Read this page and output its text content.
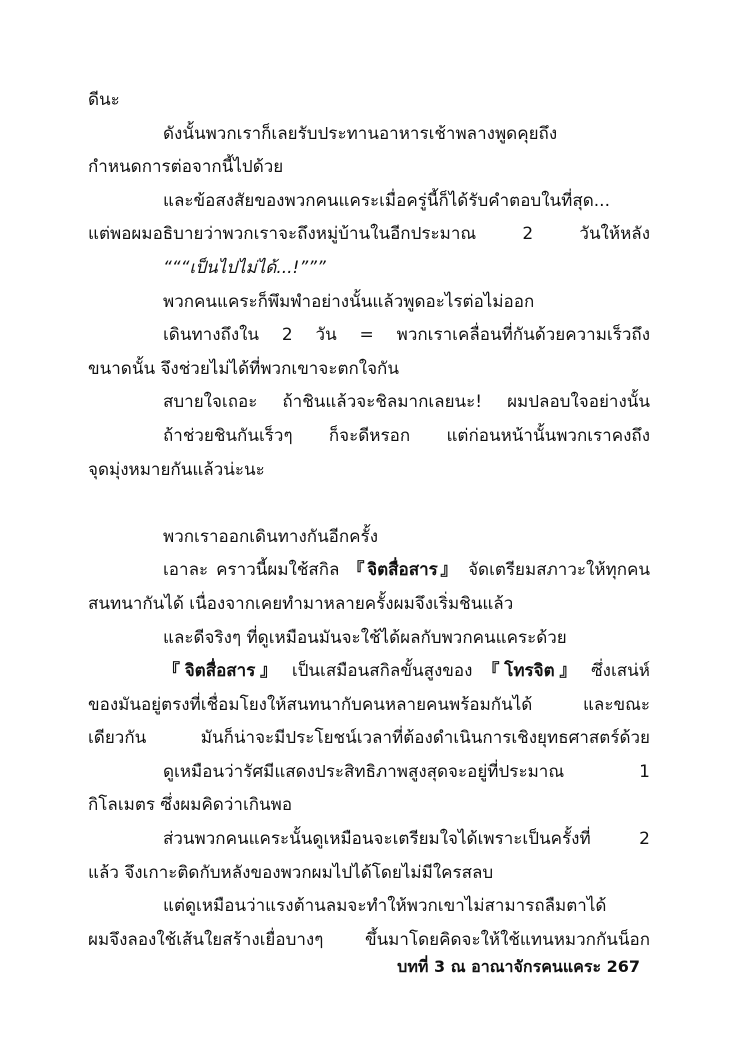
ดีนะ

ดังนั้นพวกเราก็เลยรับประทานอาหารเช้าพลางพูดคุยถึง

กำหนดการต่อจากนี้ไปด้วย

และข้อสงสัยของพวกคนแคระเมื่อครู่นี้ก็ได้รับคำตอบในที่สุด...

แต่พอผมอธิบายว่าพวกเราจะถึงหมู่บ้านในอีกประมาณ 2 วันให้หลัง

“““เป็นไปไม่ได้...!”””

พวกคนแคระก็พึมพำอย่างนั้นแล้วพูดอะไรต่อไม่ออก

เดินทางถึงใน 2 วัน = พวกเราเคลื่อนที่กันด้วยความเร็วถึง

ขนาดนั้น จึงช่วยไม่ได้ที่พวกเขาจะตกใจกัน

สบายใจเถอะ ถ้าชินแล้วจะชิลมากเลยนะ! ผมปลอบใจอย่างนั้น

ถ้าช่วยชินกันเร็วๆ ก็จะดีหรอก แต่ก่อนหน้านั้นพวกเราคงถึง

จุดมุ่งหมายกันแล้วน่ะนะ

พวกเราออกเดินทางกันอีกครั้ง

เอาละ คราวนี้ผมใช้สกิล 『จิตสื่อสาร』 จัดเตรียมสภาวะให้ทุกคน

สนทนากันได้ เนื่องจากเคยทำมาหลายครั้งผมจึงเริ่มชินแล้ว

และดีจริงๆ ที่ดูเหมือนมันจะใช้ได้ผลกับพวกคนแคระด้วย

『จิตสื่อสาร』 เป็นเสมือนสกิลขั้นสูงของ 『โทรจิต』 ซึ่งเสน่ห์

ของมันอยู่ตรงที่เชื่อมโยงให้สนทนากับคนหลายคนพร้อมกันได้ และขณะ

เดียวกัน มันก็น่าจะมีประโยชน์เวลาที่ต้องดำเนินการเชิงยุทธศาสตร์ด้วย

ดูเหมือนว่ารัศมีแสดงประสิทธิภาพสูงสุดจะอยู่ที่ประมาณ 1

กิโลเมตร ซึ่งผมคิดว่าเกินพอ

ส่วนพวกคนแคระนั้นดูเหมือนจะเตรียมใจได้เพราะเป็นครั้งที่ 2

แล้ว จึงเกาะติดกับหลังของพวกผมไปได้โดยไม่มีใครสลบ

แต่ดูเหมือนว่าแรงต้านลมจะทำให้พวกเขาไม่สามารถลืมตาได้

ผมจึงลองใช้เส้นใยสร้างเยื่อบางๆ ขึ้นมาโดยคิดจะให้ใช้แทนหมวกกันน็อก

บทที่ 3 ณ อาณาจักรคนแคระ 267
